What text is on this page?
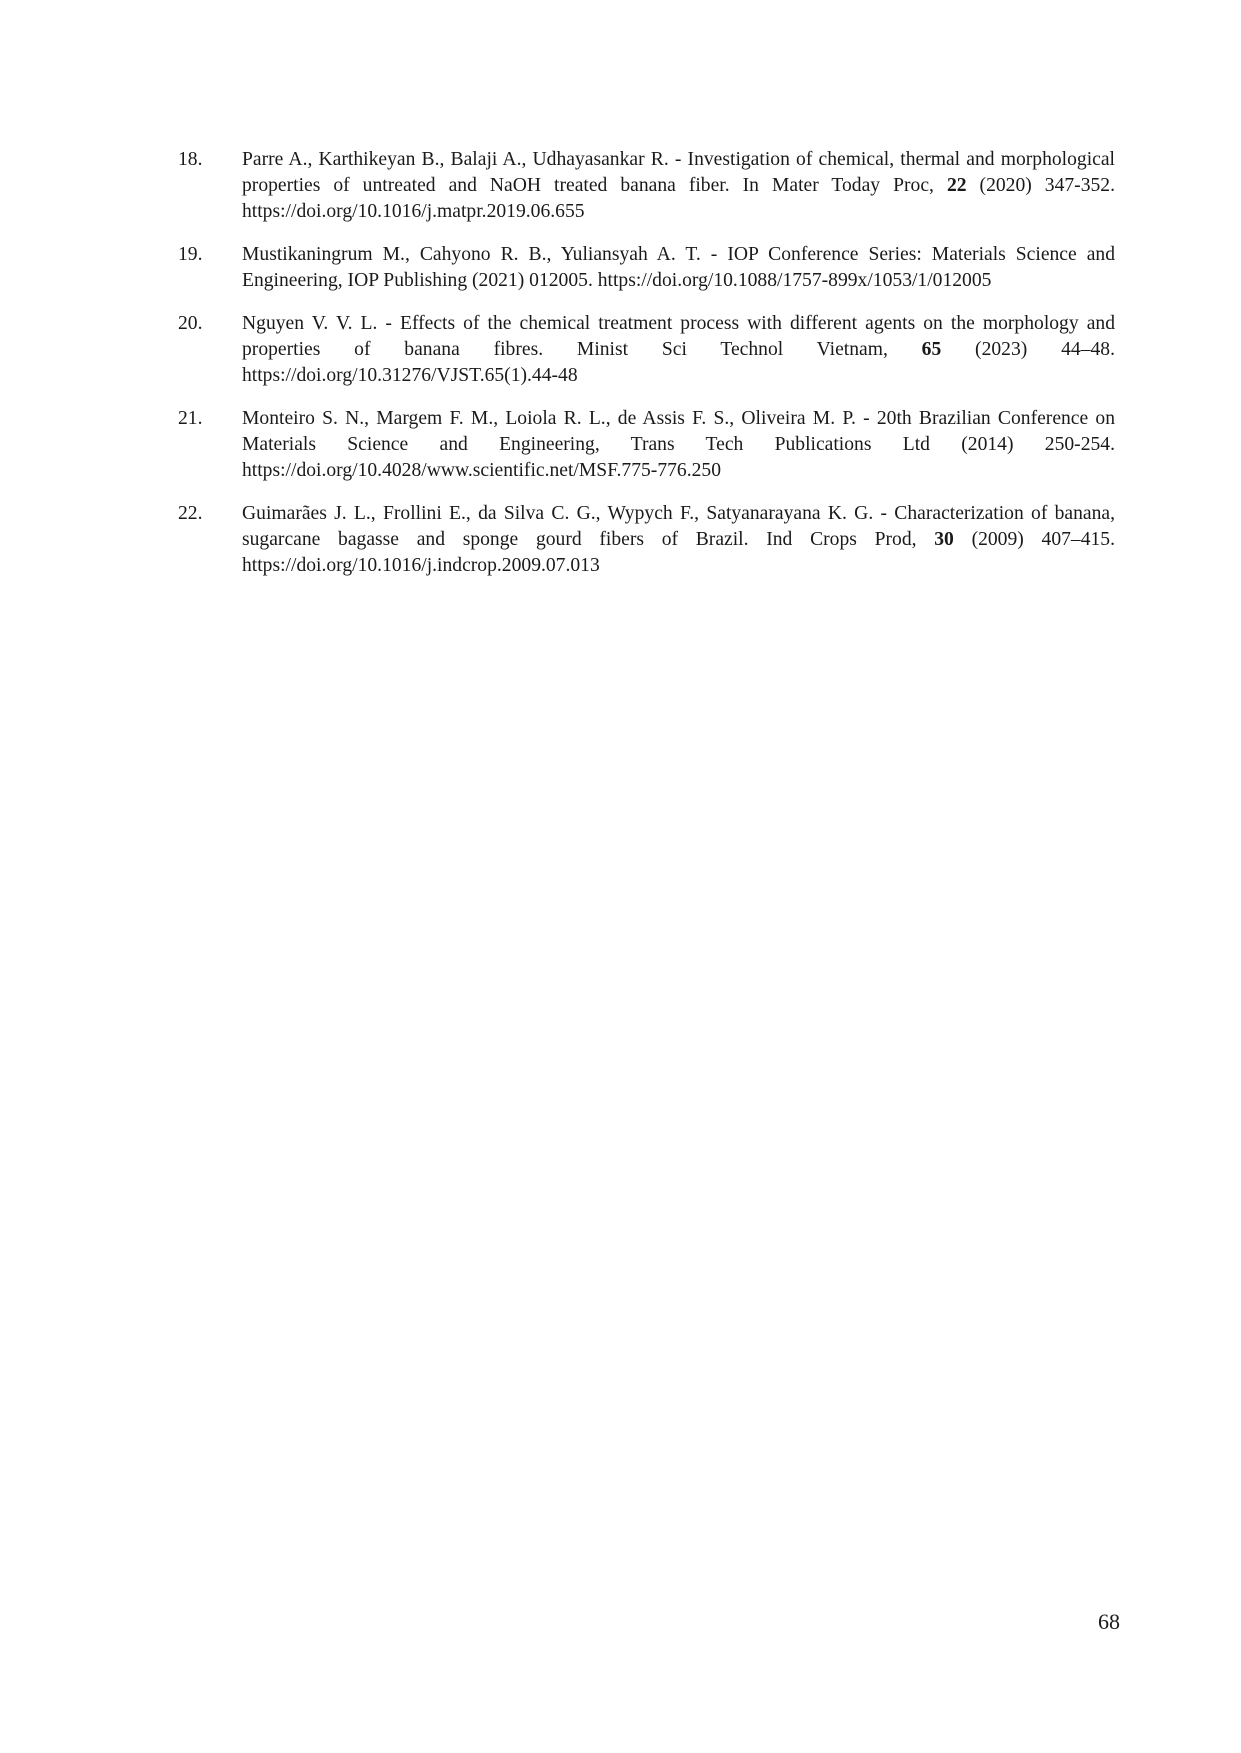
18.	Parre A., Karthikeyan B., Balaji A., Udhayasankar R. - Investigation of chemical, thermal and morphological properties of untreated and NaOH treated banana fiber. In Mater Today Proc, 22 (2020) 347-352. https://doi.org/10.1016/j.matpr.2019.06.655
19.	Mustikaningrum M., Cahyono R. B., Yuliansyah A. T. - IOP Conference Series: Materials Science and Engineering, IOP Publishing (2021) 012005. https://doi.org/10.1088/1757-899x/1053/1/012005
20.	Nguyen V. V. L. - Effects of the chemical treatment process with different agents on the morphology and properties of banana fibres. Minist Sci Technol Vietnam, 65 (2023) 44–48. https://doi.org/10.31276/VJST.65(1).44-48
21.	Monteiro S. N., Margem F. M., Loiola R. L., de Assis F. S., Oliveira M. P. - 20th Brazilian Conference on Materials Science and Engineering, Trans Tech Publications Ltd (2014) 250-254. https://doi.org/10.4028/www.scientific.net/MSF.775-776.250
22.	Guimarães J. L., Frollini E., da Silva C. G., Wypych F., Satyanarayana K. G. - Characterization of banana, sugarcane bagasse and sponge gourd fibers of Brazil. Ind Crops Prod, 30 (2009) 407–415. https://doi.org/10.1016/j.indcrop.2009.07.013
68
